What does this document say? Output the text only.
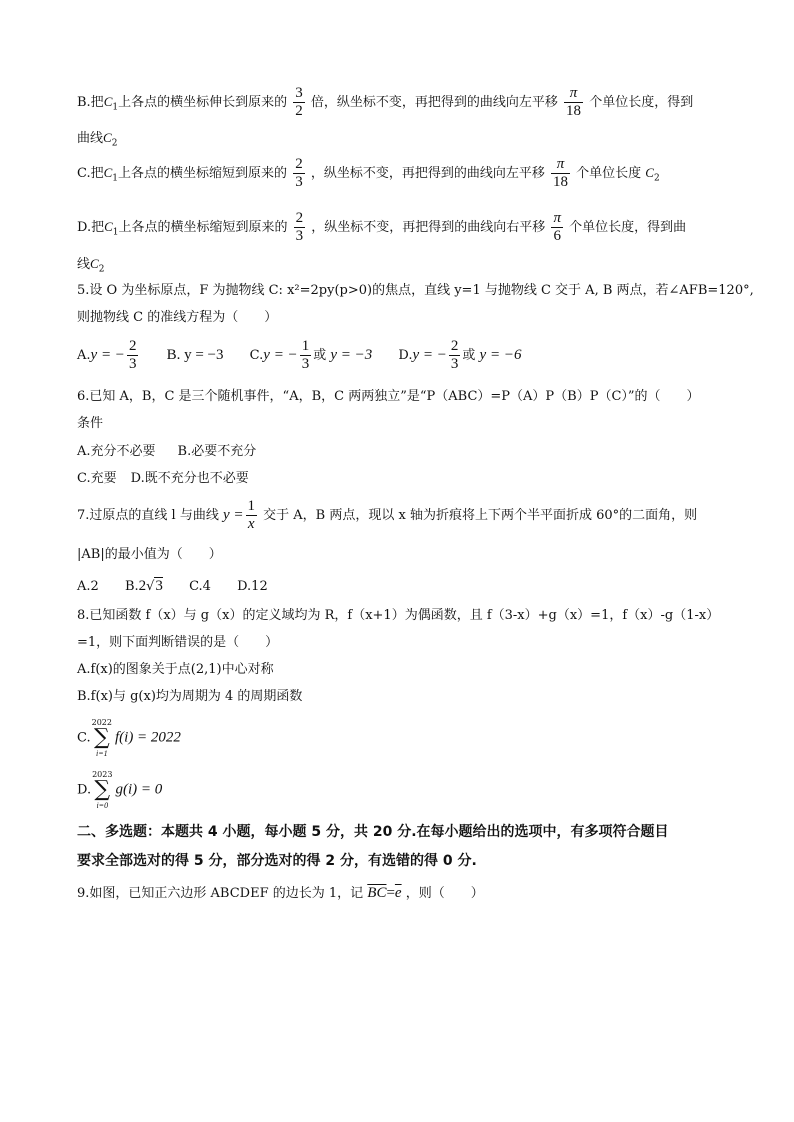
B.把$C_1$上各点的横坐标伸长到原来的 $\frac{3}{2}$ 倍，纵坐标不变，再把得到的曲线向左平移 $\frac{\pi}{18}$ 个单位长度，得到
曲线$C_2$
C.把$C_1$上各点的横坐标缩短到原来的 $\frac{2}{3}$ ，纵坐标不变，再把得到的曲线向左平移 $\frac{\pi}{18}$ 个单位长度 $C_2$
D.把$C_1$上各点的横坐标缩短到原来的 $\frac{2}{3}$ ，纵坐标不变，再把得到的曲线向右平移 $\frac{\pi}{6}$ 个单位长度，得到曲
线$C_2$
5.设 O 为坐标原点，F 为抛物线 C: x²=2py(p>0)的焦点，直线 y=1 与抛物线 C 交于 A, B 两点，若∠AFB=120°,
则抛物线 C 的准线方程为（　　）
A.y = − $\frac{2}{3} B$. y = −3 C.y = − $\frac{1}{3}$ 或 y = −3 D.y = − $\frac{2}{3}$ 或 y = −6
6.已知 A，B，C 是三个随机事件，“A，B，C 两两独立”是“P（ABC）=P（A）P（B）P（C）”的（　　）
条件
A.充分不必要 B.必要不充分
C.充要 D.既不充分也不必要
7.过原点的直线 l 与曲线 $y = \frac{1}{x}$ 交于 A，B 两点，现以 x 轴为折痕将上下两个半平面折成 60°的二面角，则
|AB|的最小值为（　　）
A.2 B.2√3 C.4 D.12
8.已知函数 f（x）与 g（x）的定义域均为 R，f（x+1）为偶函数，且 f（3-x）+g（x）=1，f（x）-g（1-x）
=1，则下面判断错误的是（　　）
A.f(x)的图象关于点(2,1)中心对称
B.f(x)与 g(x)均为周期为 4 的周期函数
C.
2022
∑
i=1
f(i) = 2022
D.
2023
∑
i=0
g(i) = 0
二、多选题：本题共 4 小题，每小题 5 分，共 20 分.在每小题给出的选项中，有多项符合题目
要求全部选对的得 5 分，部分选对的得 2 分，有选错的得 0 分.
9.如图，已知正六边形 ABCDEF 的边长为 1，记 $\overline{BC}=\overline{e}$ ，则（　　）
